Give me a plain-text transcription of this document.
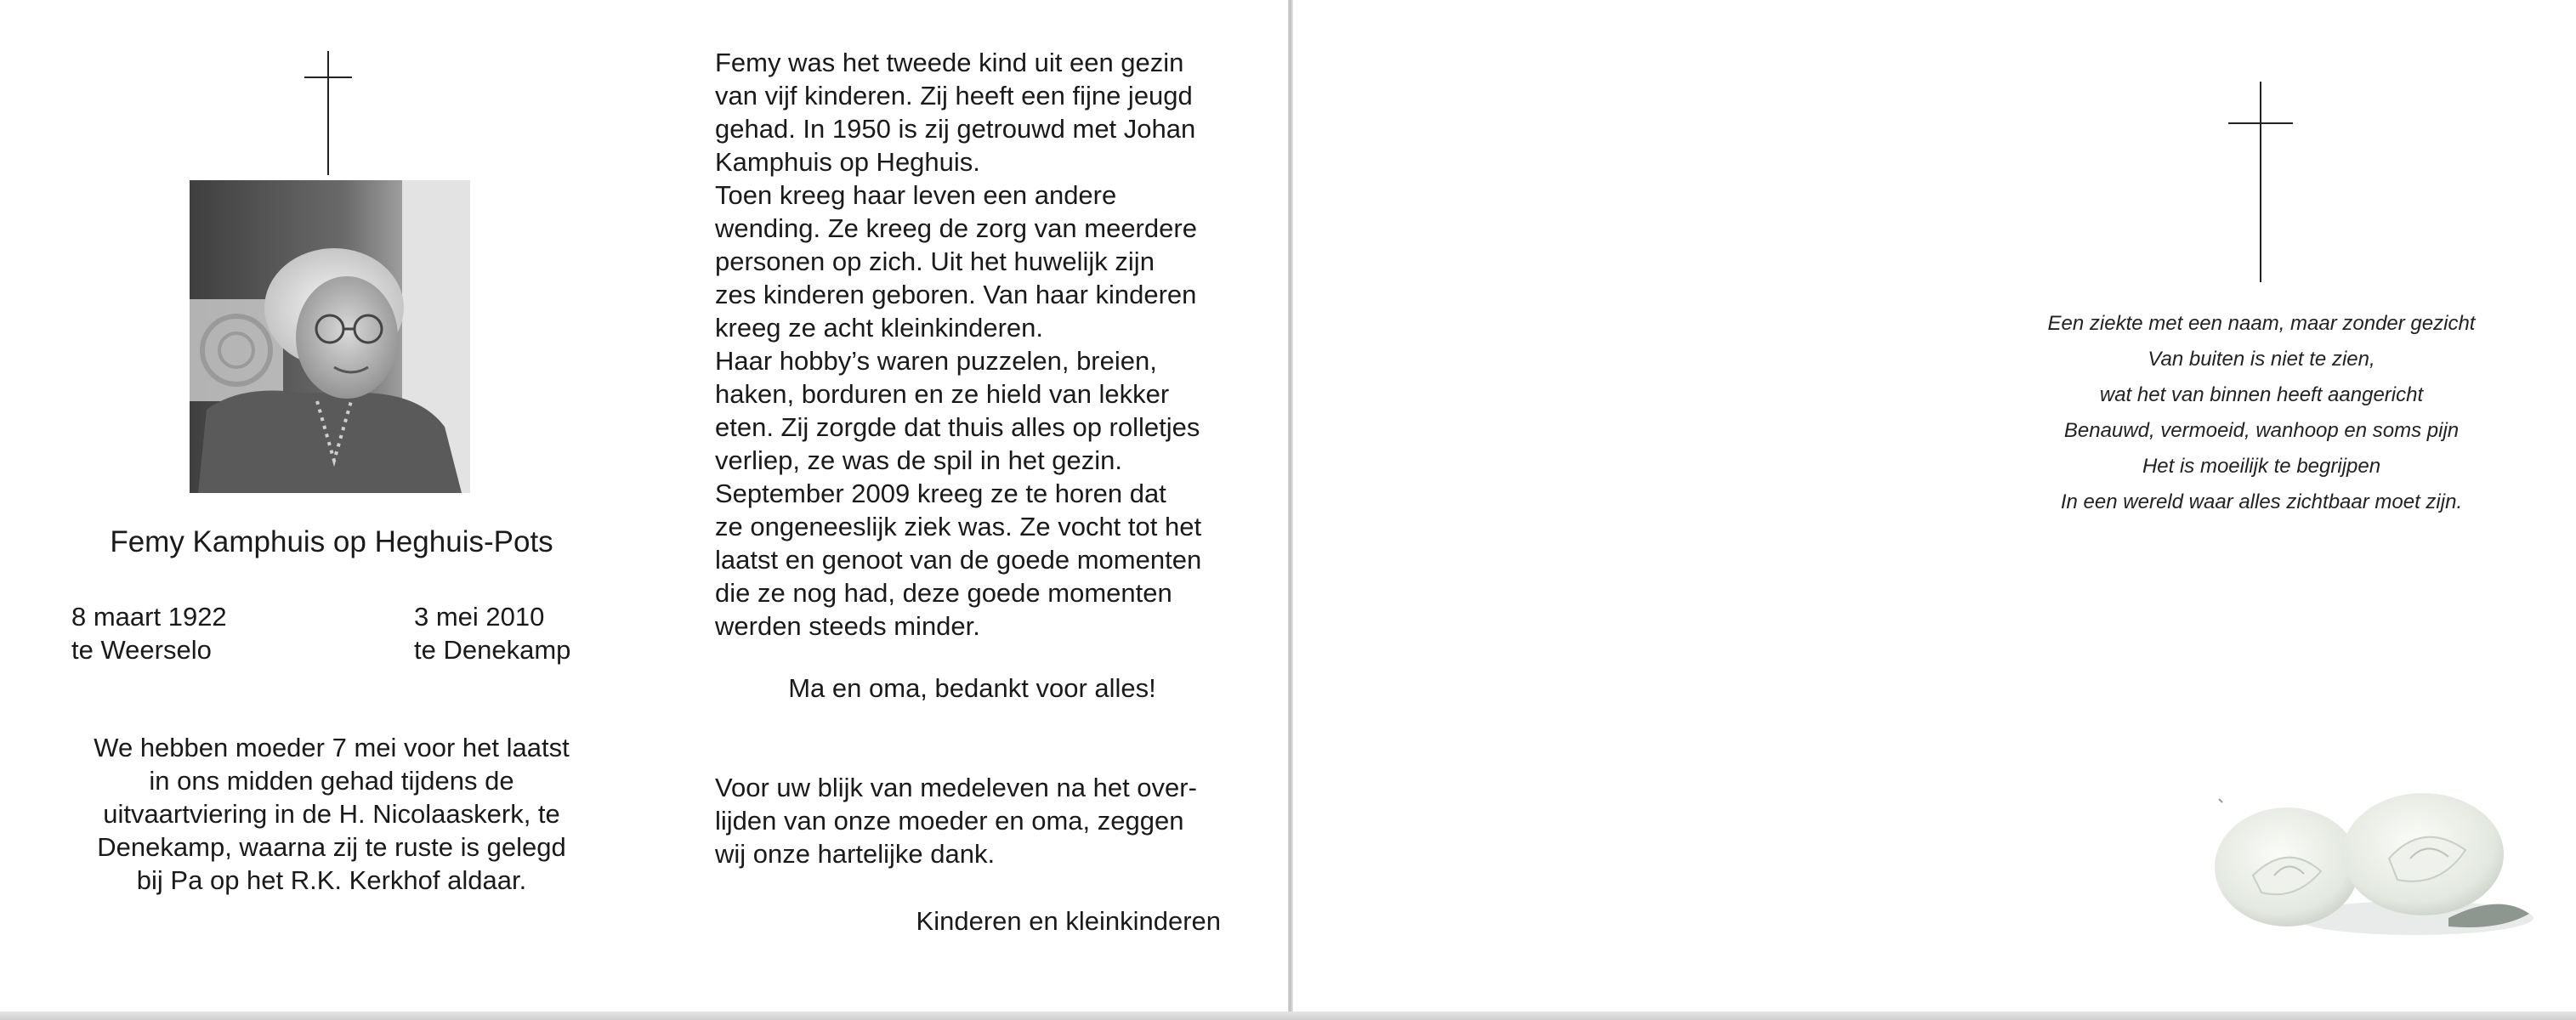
Femy Kamphuis op Heghuis-Pots
8 maart 1922
te Weerselo
3 mei 2010
te Denekamp
We hebben moeder 7 mei voor het laatst
in ons midden gehad tijdens de
uitvaartviering in de H. Nicolaaskerk, te
Denekamp, waarna zij te ruste is gelegd
bij Pa op het R.K. Kerkhof aldaar.

Femy was het tweede kind uit een gezin

van vijf kinderen. Zij heeft een fijne jeugd

gehad. In 1950 is zij getrouwd met Johan

Kamphuis op Heghuis.

Toen kreeg haar leven een andere

wending. Ze kreeg de zorg van meerdere

personen op zich. Uit het huwelijk zijn

zes kinderen geboren. Van haar kinderen

kreeg ze acht kleinkinderen.

Haar hobby’s waren puzzelen, breien,

haken, borduren en ze hield van lekker

eten. Zij zorgde dat thuis alles op rolletjes

verliep, ze was de spil in het gezin.

September 2009 kreeg ze te horen dat

ze ongeneeslijk ziek was. Ze vocht tot het

laatst en genoot van de goede momenten

die ze nog had, deze goede momenten

werden steeds minder.

Ma en oma, bedankt voor alles!

Voor uw blijk van medeleven na het over-

lijden van onze moeder en oma, zeggen

wij onze hartelijke dank.

Kinderen en kleinkinderen
Een ziekte met een naam, maar zonder gezicht
Van buiten is niet te zien,
wat het van binnen heeft aangericht
Benauwd, vermoeid, wanhoop en soms pijn
Het is moeilijk te begrijpen
In een wereld waar alles zichtbaar moet zijn.
